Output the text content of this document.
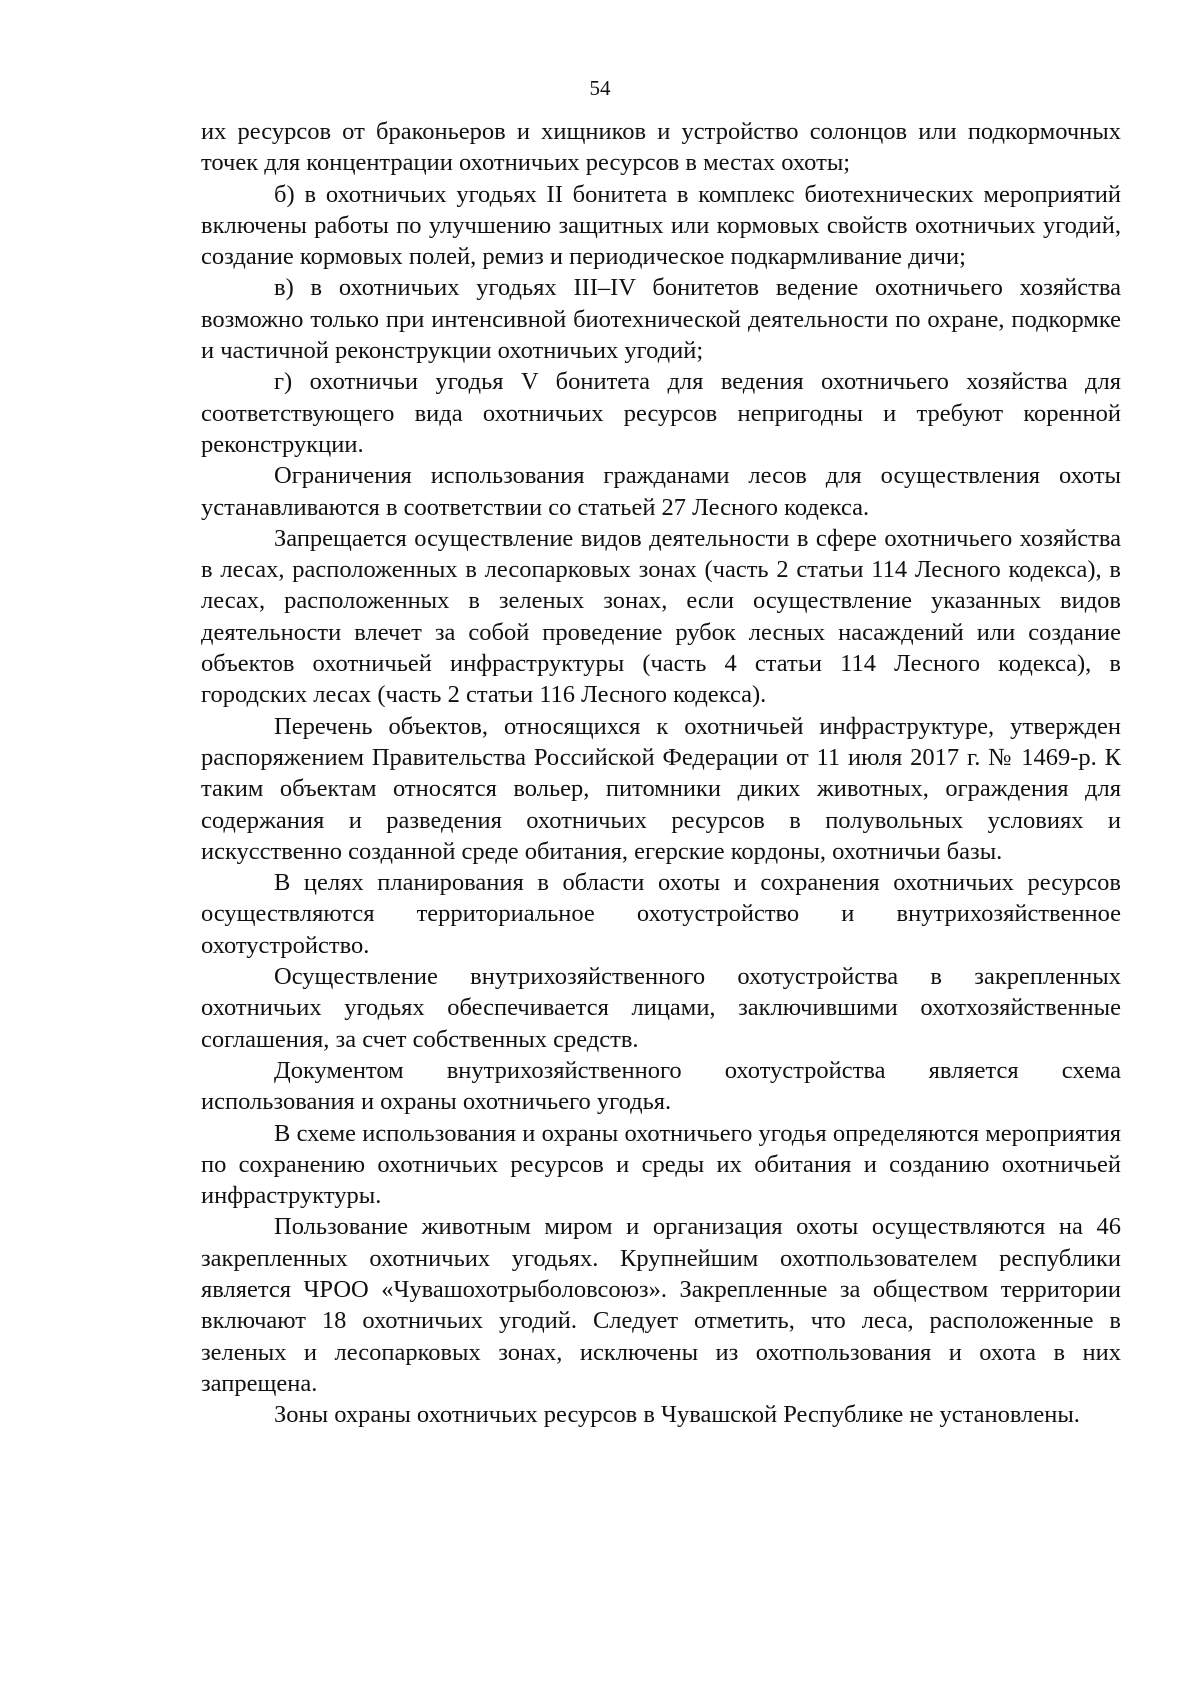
54

их ресурсов от браконьеров и хищников и устройство солонцов или подкормочных точек для концентрации охотничьих ресурсов в местах охоты;

б) в охотничьих угодьях II бонитета в комплекс биотехнических мероприятий включены работы по улучшению защитных или кормовых свойств охотничьих угодий, создание кормовых полей, ремиз и периодическое подкармливание дичи;

в) в охотничьих угодьях III–IV бонитетов ведение охотничьего хозяйства возможно только при интенсивной биотехнической деятельности по охране, подкормке и частичной реконструкции охотничьих угодий;

г) охотничьи угодья V бонитета для ведения охотничьего хозяйства для соответствующего вида охотничьих ресурсов непригодны и требуют коренной реконструкции.

Ограничения использования гражданами лесов для осуществления охоты устанавливаются в соответствии со статьей 27 Лесного кодекса.

Запрещается осуществление видов деятельности в сфере охотничьего хозяйства в лесах, расположенных в лесопарковых зонах (часть 2 статьи 114 Лесного кодекса), в лесах, расположенных в зеленых зонах, если осуществление указанных видов деятельности влечет за собой проведение рубок лесных насаждений или создание объектов охотничьей инфраструктуры (часть 4 статьи 114 Лесного кодекса), в городских лесах (часть 2 статьи 116 Лесного кодекса).

Перечень объектов, относящихся к охотничьей инфраструктуре, утвержден распоряжением Правительства Российской Федерации от 11 июля 2017 г. № 1469-р. К таким объектам относятся вольер, питомники диких животных, ограждения для содержания и разведения охотничьих ресурсов в полувольных условиях и искусственно созданной среде обитания, егерские кордоны, охотничьи базы.

В целях планирования в области охоты и сохранения охотничьих ресурсов осуществляются территориальное охотустройство и внутрихозяйственное охотустройство.

Осуществление внутрихозяйственного охотустройства в закрепленных охотничьих угодьях обеспечивается лицами, заключившими охотхозяйственные соглашения, за счет собственных средств.

Документом внутрихозяйственного охотустройства является схема использования и охраны охотничьего угодья.

В схеме использования и охраны охотничьего угодья определяются мероприятия по сохранению охотничьих ресурсов и среды их обитания и созданию охотничьей инфраструктуры.

Пользование животным миром и организация охоты осуществляются на 46 закрепленных охотничьих угодьях. Крупнейшим охотпользователем республики является ЧРОО «Чувашохотрыболовсоюз». Закрепленные за обществом территории включают 18 охотничьих угодий. Следует отметить, что леса, расположенные в зеленых и лесопарковых зонах, исключены из охотпользования и охота в них запрещена.

Зоны охраны охотничьих ресурсов в Чувашской Республике не установлены.
